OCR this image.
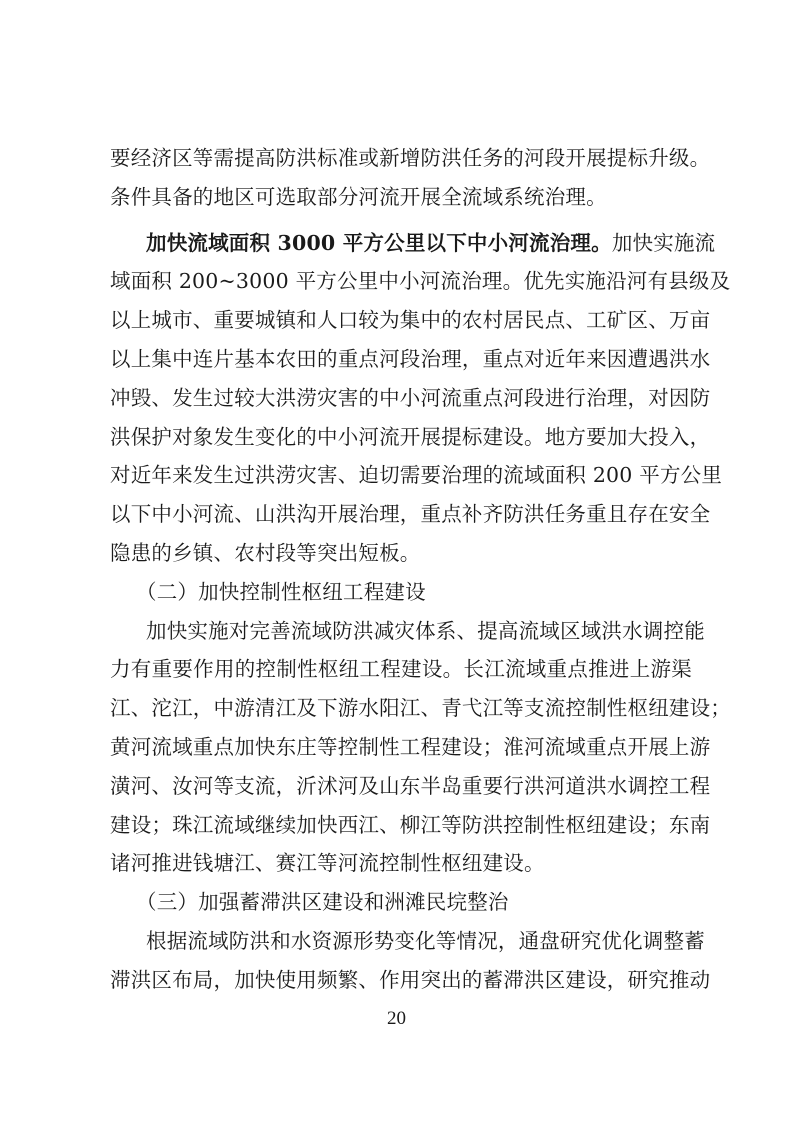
要经济区等需提高防洪标准或新增防洪任务的河段开展提标升级。
条件具备的地区可选取部分河流开展全流域系统治理。
加快流域面积 3000 平方公里以下中小河流治理。加快实施流
域面积 200~3000 平方公里中小河流治理。优先实施沿河有县级及
以上城市、重要城镇和人口较为集中的农村居民点、工矿区、万亩
以上集中连片基本农田的重点河段治理，重点对近年来因遭遇洪水
冲毁、发生过较大洪涝灾害的中小河流重点河段进行治理，对因防
洪保护对象发生变化的中小河流开展提标建设。地方要加大投入，
对近年来发生过洪涝灾害、迫切需要治理的流域面积 200 平方公里
以下中小河流、山洪沟开展治理，重点补齐防洪任务重且存在安全
隐患的乡镇、农村段等突出短板。
（二）加快控制性枢纽工程建设
加快实施对完善流域防洪减灾体系、提高流域区域洪水调控能
力有重要作用的控制性枢纽工程建设。长江流域重点推进上游渠
江、沱江，中游清江及下游水阳江、青弋江等支流控制性枢纽建设；
黄河流域重点加快东庄等控制性工程建设；淮河流域重点开展上游
潢河、汝河等支流，沂沭河及山东半岛重要行洪河道洪水调控工程
建设；珠江流域继续加快西江、柳江等防洪控制性枢纽建设；东南
诸河推进钱塘江、赛江等河流控制性枢纽建设。
（三）加强蓄滞洪区建设和洲滩民垸整治
根据流域防洪和水资源形势变化等情况，通盘研究优化调整蓄
滞洪区布局，加快使用频繁、作用突出的蓄滞洪区建设，研究推动
20
